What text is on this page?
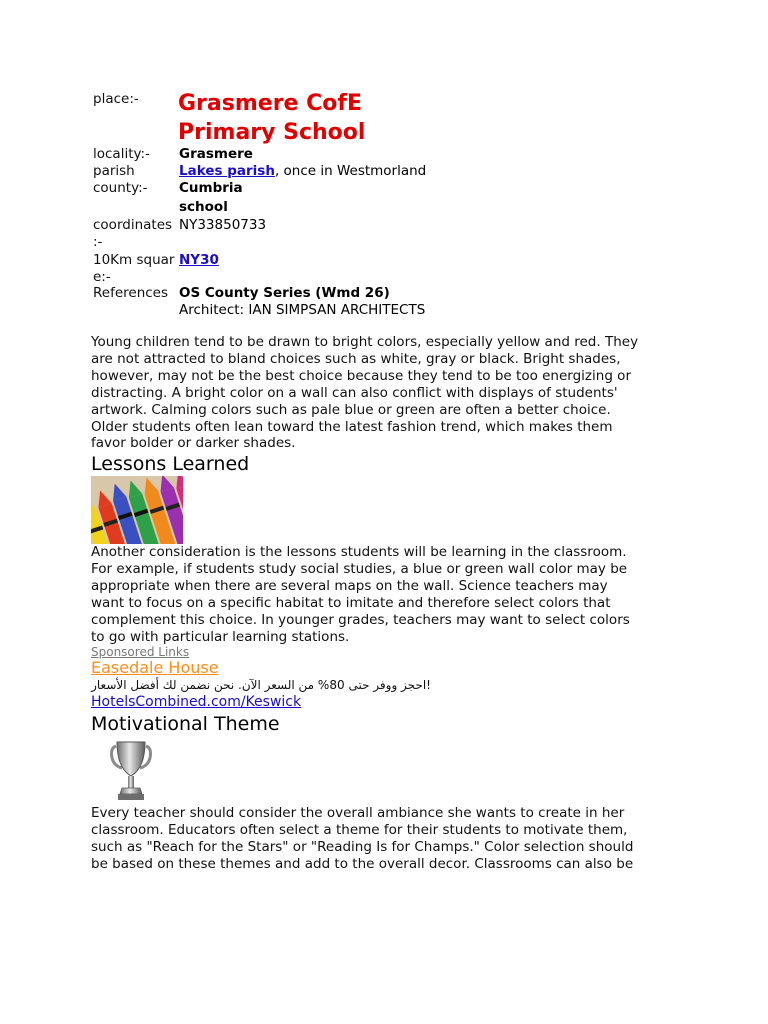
place:- Grasmere CofE
Primary School
locality:- Grasmere
parish	Lakes parish, once in Westmorland
county:- Cumbria
school
coordinates
:-
NY33850733
10Km squar
e:-
NY30
References OS County Series (Wmd 26)
Architect: IAN SIMPSAN ARCHITECTS

Young children tend to be drawn to bright colors, especially yellow and red. They
are not attracted to bland choices such as white, gray or black. Bright shades,
however, may not be the best choice because they tend to be too energizing or
distracting. A bright color on a wall can also conflict with displays of students'
artwork. Calming colors such as pale blue or green are often a better choice.
Older students often lean toward the latest fashion trend, which makes them
favor bolder or darker shades.

Lessons Learned

Another consideration is the lessons students will be learning in the classroom.
For example, if students study social studies, a blue or green wall color may be
appropriate when there are several maps on the wall. Science teachers may
want to focus on a specific habitat to imitate and therefore select colors that
complement this choice. In younger grades, teachers may want to select colors
to go with particular learning stations.

Sponsored Links
Easedale House
!احجز ووفر حتى 80% من السعر الآن. نحن نضمن لك أفضل الأسعار
HotelsCombined.com/Keswick
Motivational Theme

Every teacher should consider the overall ambiance she wants to create in her
classroom. Educators often select a theme for their students to motivate them,
such as "Reach for the Stars" or "Reading Is for Champs." Color selection should
be based on these themes and add to the overall decor. Classrooms can also be
